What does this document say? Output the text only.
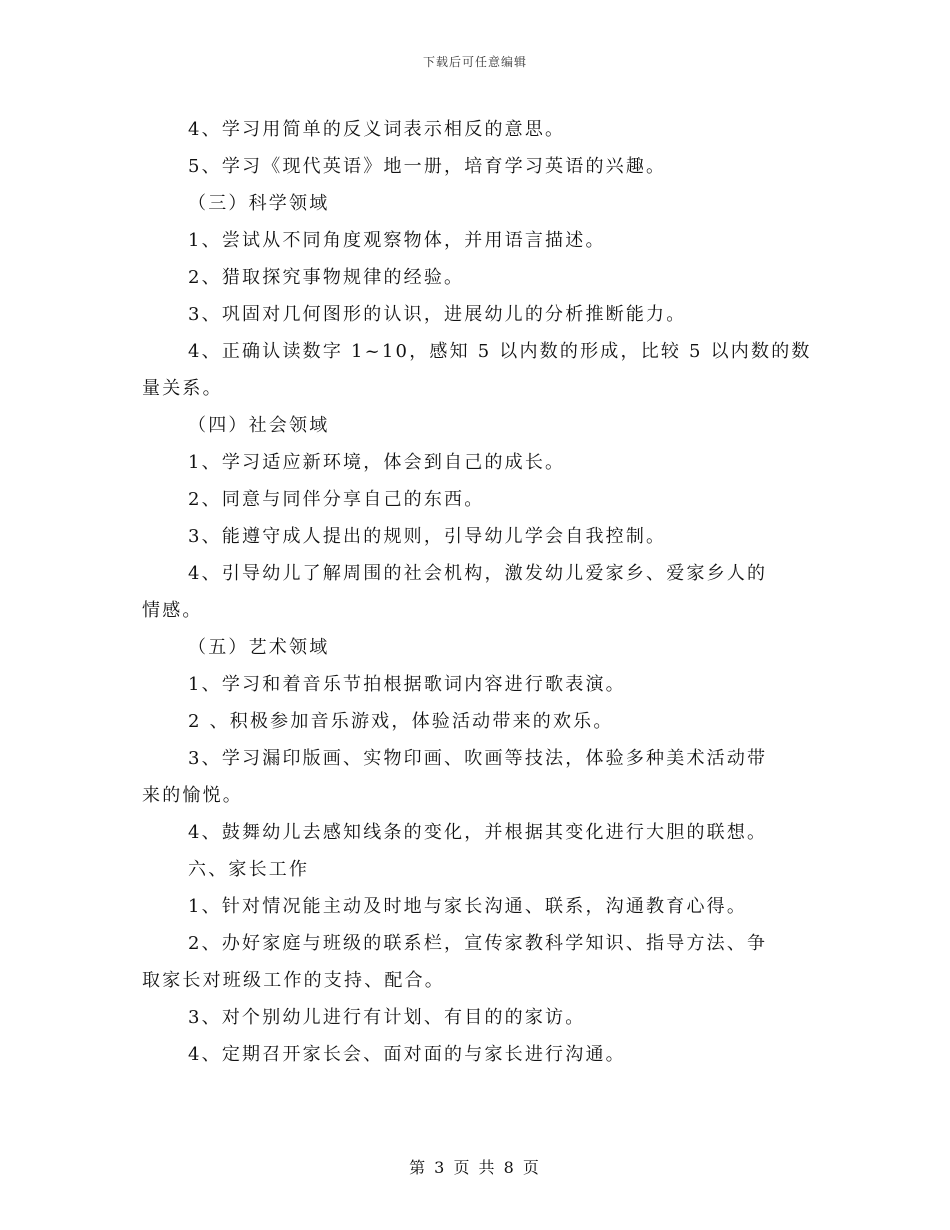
下载后可任意编辑

4、学习用简单的反义词表示相反的意思。

5、学习《现代英语》地一册，培育学习英语的兴趣。

（三）科学领域

1、尝试从不同角度观察物体，并用语言描述。

2、猎取探究事物规律的经验。

3、巩固对几何图形的认识，进展幼儿的分析推断能力。

4、正确认读数字 1~10，感知 5 以内数的形成，比较 5 以内数的数

量关系。

（四）社会领域

1、学习适应新环境，体会到自己的成长。

2、同意与同伴分享自己的东西。

3、能遵守成人提出的规则，引导幼儿学会自我控制。

4、引导幼儿了解周围的社会机构，激发幼儿爱家乡、爱家乡人的

情感。

（五）艺术领域

1、学习和着音乐节拍根据歌词内容进行歌表演。

2 、积极参加音乐游戏，体验活动带来的欢乐。

3、学习漏印版画、实物印画、吹画等技法，体验多种美术活动带

来的愉悦。

4、鼓舞幼儿去感知线条的变化，并根据其变化进行大胆的联想。

六、家长工作

1、针对情况能主动及时地与家长沟通、联系，沟通教育心得。

2、办好家庭与班级的联系栏，宣传家教科学知识、指导方法、争

取家长对班级工作的支持、配合。

3、对个别幼儿进行有计划、有目的的家访。

4、定期召开家长会、面对面的与家长进行沟通。

第 3 页 共 8 页
